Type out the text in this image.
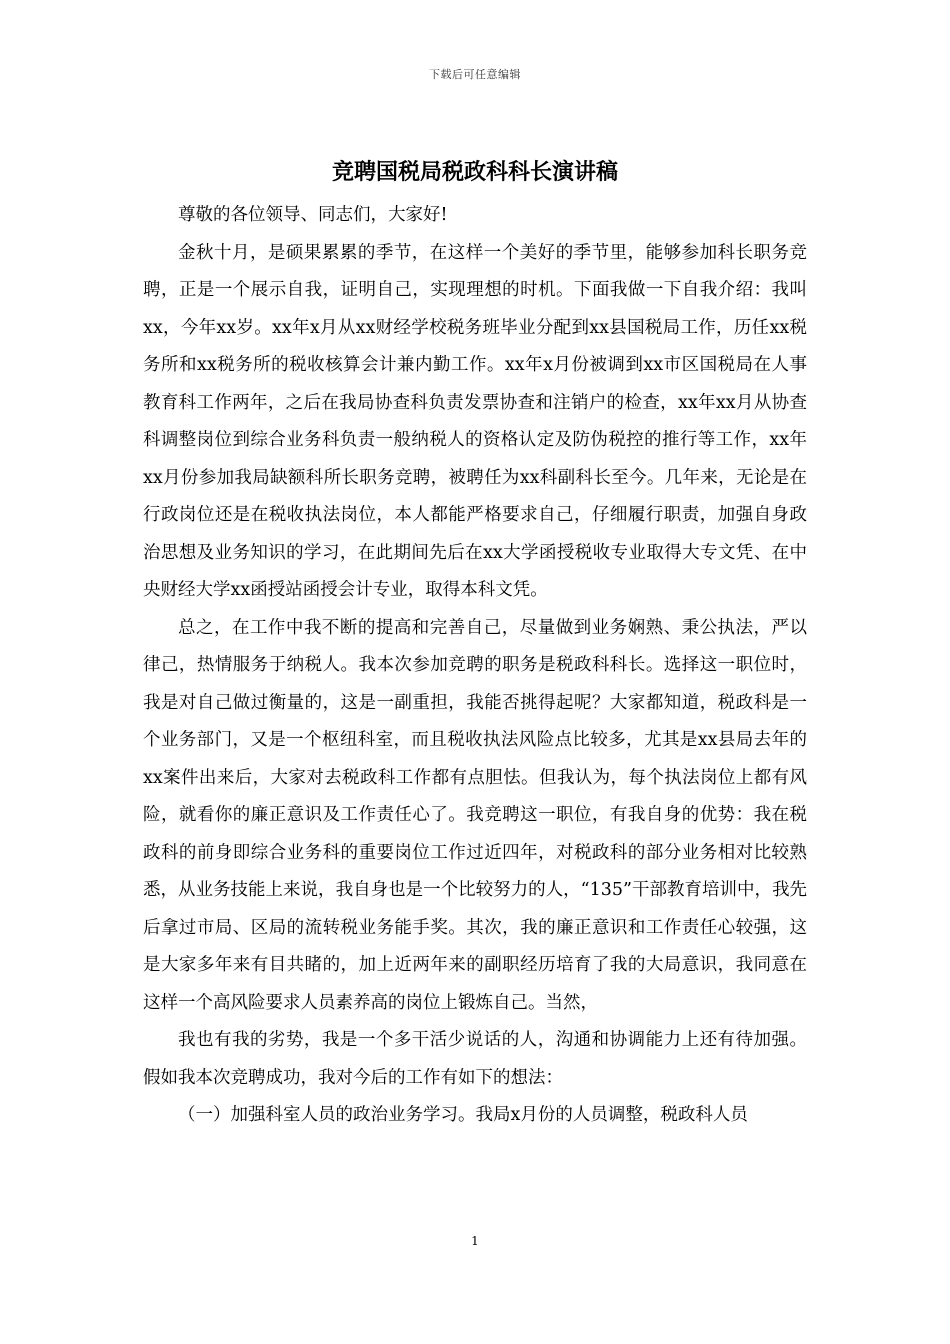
下载后可任意编辑
竞聘国税局税政科科长演讲稿

尊敬的各位领导、同志们，大家好!

金秋十月，是硕果累累的季节，在这样一个美好的季节里，能够参加科长职务竞聘，正是一个展示自我，证明自己，实现理想的时机。下面我做一下自我介绍：我叫xx，今年xx岁。xx年x月从xx财经学校税务班毕业分配到xx县国税局工作，历任xx税务所和xx税务所的税收核算会计兼内勤工作。xx年x月份被调到xx市区国税局在人事教育科工作两年，之后在我局协查科负责发票协查和注销户的检查，xx年xx月从协查科调整岗位到综合业务科负责一般纳税人的资格认定及防伪税控的推行等工作，xx年xx月份参加我局缺额科所长职务竞聘，被聘任为xx科副科长至今。几年来，无论是在行政岗位还是在税收执法岗位，本人都能严格要求自己，仔细履行职责，加强自身政治思想及业务知识的学习，在此期间先后在xx大学函授税收专业取得大专文凭、在中央财经大学xx函授站函授会计专业，取得本科文凭。

总之，在工作中我不断的提高和完善自己，尽量做到业务娴熟、秉公执法，严以律己，热情服务于纳税人。我本次参加竞聘的职务是税政科科长。选择这一职位时，我是对自己做过衡量的，这是一副重担，我能否挑得起呢？大家都知道，税政科是一个业务部门，又是一个枢纽科室，而且税收执法风险点比较多，尤其是xx县局去年的xx案件出来后，大家对去税政科工作都有点胆怯。但我认为，每个执法岗位上都有风险，就看你的廉正意识及工作责任心了。我竞聘这一职位，有我自身的优势：我在税政科的前身即综合业务科的重要岗位工作过近四年，对税政科的部分业务相对比较熟悉，从业务技能上来说，我自身也是一个比较努力的人，“135”干部教育培训中，我先后拿过市局、区局的流转税业务能手奖。其次，我的廉正意识和工作责任心较强，这是大家多年来有目共睹的，加上近两年来的副职经历培育了我的大局意识，我同意在这样一个高风险要求人员素养高的岗位上锻炼自己。当然，

我也有我的劣势，我是一个多干活少说话的人，沟通和协调能力上还有待加强。假如我本次竞聘成功，我对今后的工作有如下的想法：

（一）加强科室人员的政治业务学习。我局x月份的人员调整，税政科人员

1
